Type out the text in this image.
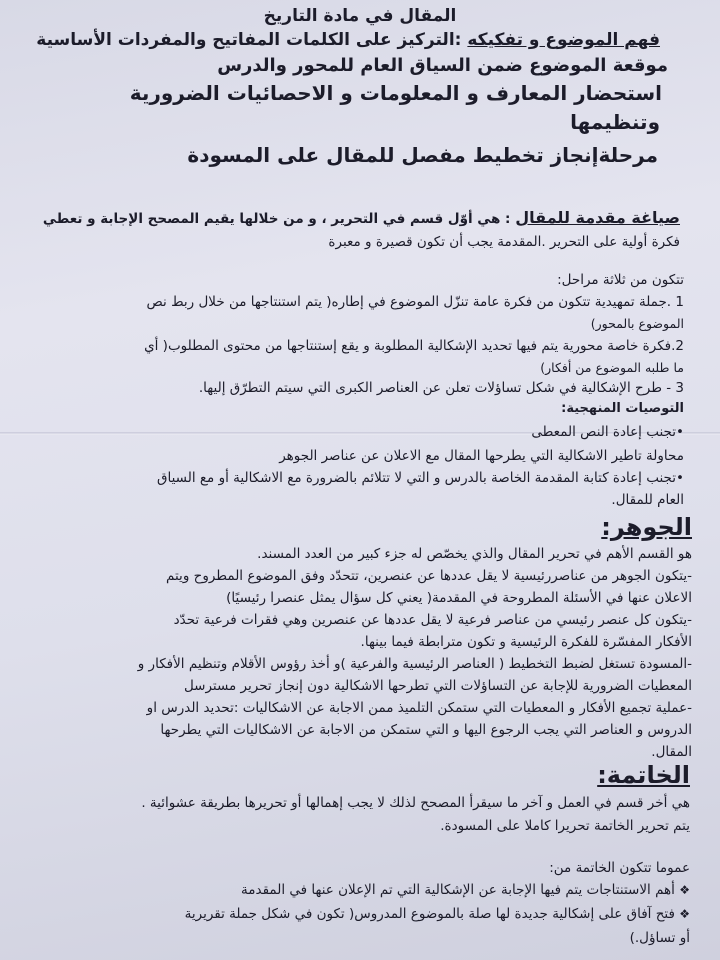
المقال في مادة التاريخ
فهم الموضوع و تفكيكه :التركيز على الكلمات المفاتيح والمفردات الأساسية
موقعة الموضوع ضمن السياق العام للمحور والدرس
استحضار المعارف و المعلومات و الاحصائيات الضرورية
وتنظيمها
مرحلةإنجاز تخطيط مفصل للمقال على المسودة
صياغة مقدمة للمقال : هي أوّل قسم في التحرير ، و من خلالها يقيم المصحح الإجابة و تعطي
فكرة أولية على التحرير .المقدمة يجب أن تكون قصيرة و معبرة
تتكون من ثلاثة مراحل:
1 .جملة تمهيدية تتكون من فكرة عامة تنزّل الموضوع في إطاره( يتم استنتاجها من خلال ربط نص
الموضوع بالمحور)
2.فكرة خاصة محورية يتم فيها تحديد الإشكالية المطلوبة و يقع إستنتاجها من محتوى المطلوب( أي
ما طلبه الموضوع من أفكار)
3 - طرح الإشكالية في شكل تساؤلات تعلن عن العناصر الكبرى التي سيتم التطرّق إليها.
التوصيات المنهجية:
•تجنب إعادة النص المعطى
محاولة تاطير الاشكالية التي يطرحها المقال مع الاعلان عن عناصر الجوهر
•تجنب إعادة كتابة المقدمة الخاصة بالدرس و التي لا تتلائم بالضرورة مع الاشكالية أو مع السياق
العام للمقال.
الجوهر:
هو القسم الأهم في تحرير المقال والذي يخصّص له جزء كبير من العدد المسند.
-يتكون الجوهر من عناصررئيسية لا يقل عددها عن عنصرين، تتحدّد وفق الموضوع المطروح ويتم
الاعلان عنها في الأسئلة المطروحة في المقدمة( يعني كل سؤال يمثل عنصرا رئيسيًا)
-يتكون كل عنصر رئيسي من عناصر فرعية لا يقل عددها عن عنصرين وهي فقرات فرعية تحدّد
الأفكار المفسّرة للفكرة الرئيسية و تكون مترابطة فيما بينها.
-المسودة تستغل لضبط التخطيط ( العناصر الرئيسية والفرعية )و أخذ رؤوس الأقلام وتنظيم الأفكار و
المعطيات الضرورية للإجابة عن التساؤلات التي تطرحها الاشكالية دون إنجاز تحرير مسترسل
-عملية تجميع الأفكار و المعطيات التي ستمكن التلميذ ممن الاجابة عن الاشكاليات :تحديد الدرس او
الدروس و العناصر التي يجب الرجوع اليها و التي ستمكن من الاجابة عن الاشكاليات التي يطرحها
المقال.
الخاتمة:
هي أخر قسم في العمل و آخر ما سيقرأ المصحح لذلك لا يجب إهمالها أو تحريرها بطريقة عشوائية .
يتم تحرير الخاتمة تحريرا كاملا على المسودة.
عموما تتكون الخاتمة من:
❖ أهم الاستنتاجات يتم فيها الإجابة عن الإشكالية التي تم الإعلان عنها في المقدمة
❖ فتح آفاق على إشكالية جديدة لها صلة بالموضوع المدروس( تكون في شكل جملة تقريرية
أو تساؤل.)
